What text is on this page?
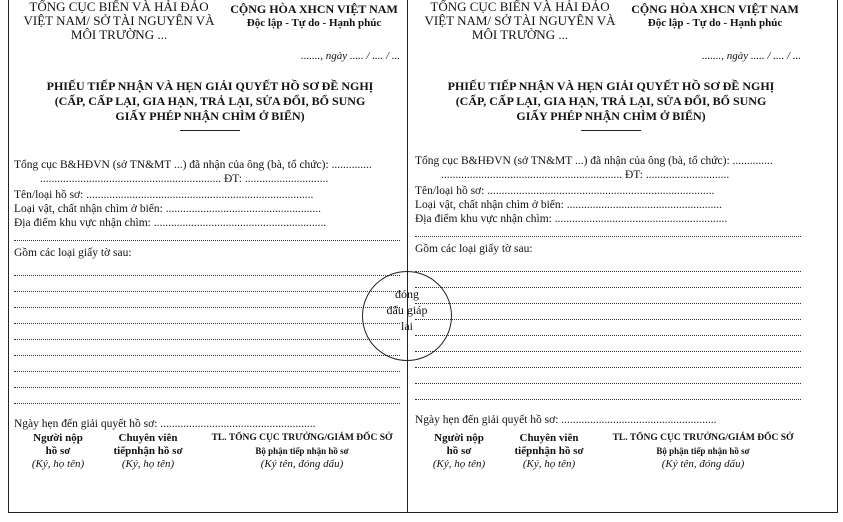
TỔNG CỤC BIỂN VÀ HẢI ĐẢO
VIỆT NAM/ SỞ TÀI NGUYÊN VÀ
MÔI TRƯỜNG ...
CỘNG HÒA XHCN VIỆT NAM
Độc lập - Tự do - Hạnh phúc
......., ngày ..... / .... / ...
PHIẾU TIẾP NHẬN VÀ HẸN GIẢI QUYẾT HỒ SƠ ĐỀ NGHỊ
(CẤP, CẤP LẠI, GIA HẠN, TRẢ LẠI, SỬA ĐỔI, BỔ SUNG
GIẤY PHÉP NHẬN CHÌM Ở BIỂN)
Tổng cục B&HĐVN (sở TN&MT ...) đã nhận của ông (bà, tổ chức): ..............
............................................................... ĐT: .............................
Tên/loại hồ sơ: ...............................................................................
Loại vật, chất nhận chìm ở biển: ......................................................
Địa điểm khu vực nhận chìm: ............................................................
Gồm các loại giấy tờ sau:
Ngày hẹn đến giải quyết hồ sơ: ......................................................
Người nộp
hồ sơ
(Ký, họ tên)
Chuyên viên
tiếpnhận hồ sơ
(Ký, họ tên)
TL. TỔNG CỤC TRƯỞNG/GIÁM ĐỐC SỞ
Bộ phận tiếp nhận hồ sơ
(Ký tên, đóng dấu)
TỔNG CỤC BIỂN VÀ HẢI ĐẢO
VIỆT NAM/ SỞ TÀI NGUYÊN VÀ
MÔI TRƯỜNG ...
CỘNG HÒA XHCN VIỆT NAM
Độc lập - Tự do - Hạnh phúc
......., ngày ..... / .... / ...
PHIẾU TIẾP NHẬN VÀ HẸN GIẢI QUYẾT HỒ SƠ ĐỀ NGHỊ
(CẤP, CẤP LẠI, GIA HẠN, TRẢ LẠI, SỬA ĐỔI, BỔ SUNG
GIẤY PHÉP NHẬN CHÌM Ở BIỂN)
Tổng cục B&HĐVN (sở TN&MT ...) đã nhận của ông (bà, tổ chức): ..............
............................................................... ĐT: .............................
Tên/loại hồ sơ: ...............................................................................
Loại vật, chất nhận chìm ở biển: ......................................................
Địa điểm khu vực nhận chìm: ............................................................
Gồm các loại giấy tờ sau:
Ngày hẹn đến giải quyết hồ sơ: ......................................................
Người nộp
hồ sơ
(Ký, họ tên)
Chuyên viên
tiếpnhận hồ sơ
(Ký, họ tên)
TL. TỔNG CỤC TRƯỞNG/GIÁM ĐỐC SỞ
Bộ phận tiếp nhận hồ sơ
(Ký tên, đóng dấu)
đóng
dấu giáp
lai
